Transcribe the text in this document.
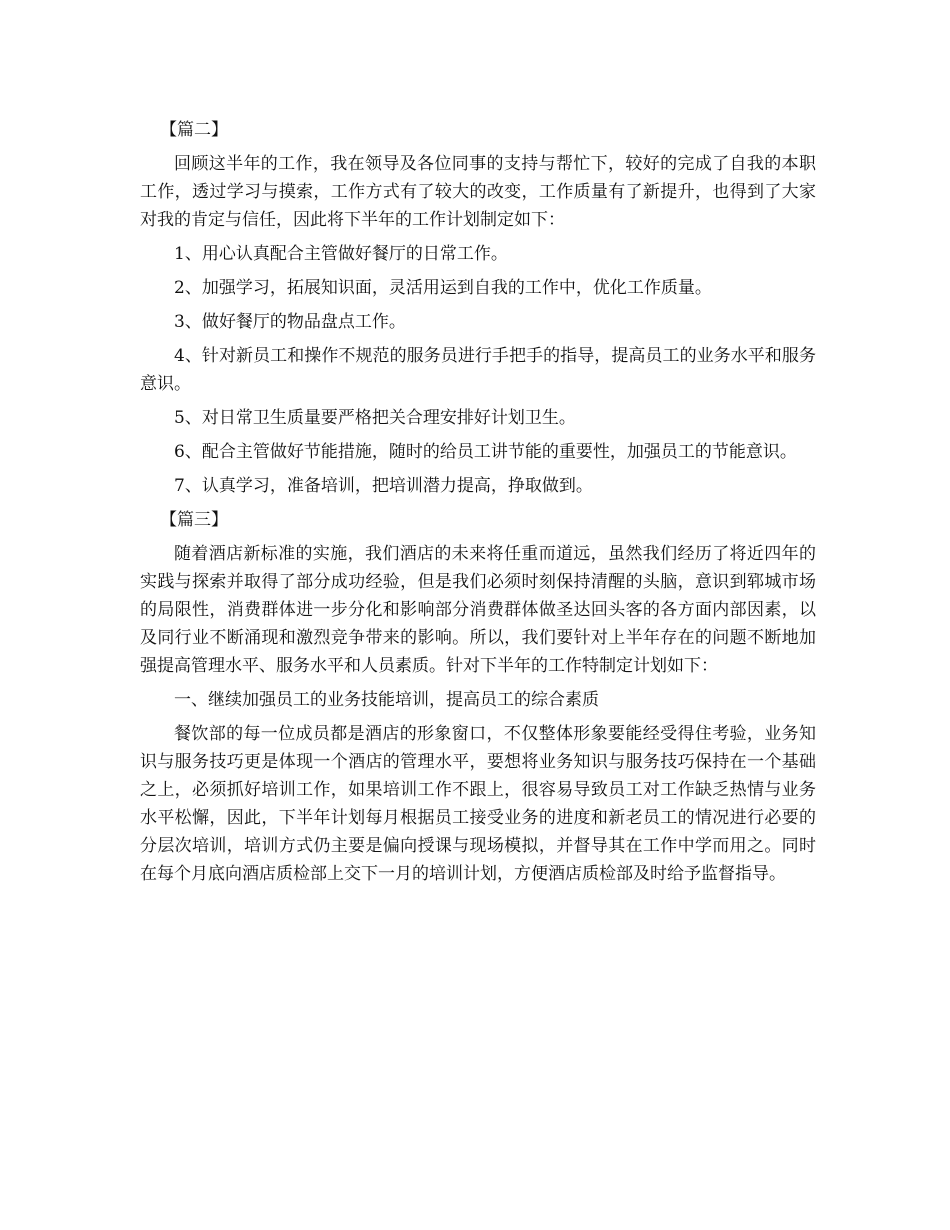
【篇二】

回顾这半年的工作，我在领导及各位同事的支持与帮忙下，较好的完成了自我的本职工作，透过学习与摸索，工作方式有了较大的改变，工作质量有了新提升，也得到了大家对我的肯定与信任，因此将下半年的工作计划制定如下：

1、用心认真配合主管做好餐厅的日常工作。

2、加强学习，拓展知识面，灵活用运到自我的工作中，优化工作质量。

3、做好餐厅的物品盘点工作。

4、针对新员工和操作不规范的服务员进行手把手的指导，提高员工的业务水平和服务意识。

5、对日常卫生质量要严格把关合理安排好计划卫生。

6、配合主管做好节能措施，随时的给员工讲节能的重要性，加强员工的节能意识。

7、认真学习，准备培训，把培训潜力提高，挣取做到。

【篇三】

随着酒店新标准的实施，我们酒店的未来将任重而道远，虽然我们经历了将近四年的实践与探索并取得了部分成功经验，但是我们必须时刻保持清醒的头脑，意识到郓城市场的局限性，消费群体进一步分化和影响部分消费群体做圣达回头客的各方面内部因素，以及同行业不断涌现和激烈竞争带来的影响。所以，我们要针对上半年存在的问题不断地加强提高管理水平、服务水平和人员素质。针对下半年的工作特制定计划如下：

一、继续加强员工的业务技能培训，提高员工的综合素质

餐饮部的每一位成员都是酒店的形象窗口，不仅整体形象要能经受得住考验，业务知识与服务技巧更是体现一个酒店的管理水平，要想将业务知识与服务技巧保持在一个基础之上，必须抓好培训工作，如果培训工作不跟上，很容易导致员工对工作缺乏热情与业务水平松懈，因此，下半年计划每月根据员工接受业务的进度和新老员工的情况进行必要的分层次培训，培训方式仍主要是偏向授课与现场模拟，并督导其在工作中学而用之。同时在每个月底向酒店质检部上交下一月的培训计划，方便酒店质检部及时给予监督指导。
